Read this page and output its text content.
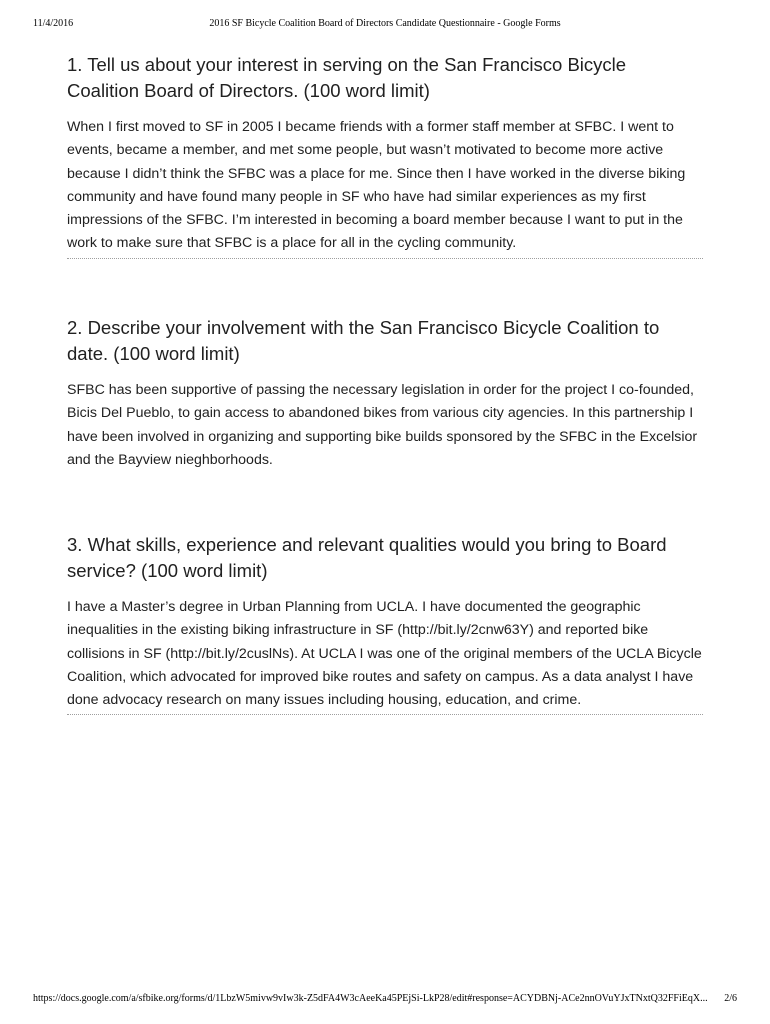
11/4/2016	2016 SF Bicycle Coalition Board of Directors Candidate Questionnaire - Google Forms
1. Tell us about your interest in serving on the San Francisco Bicycle Coalition Board of Directors. (100 word limit)
When I first moved to SF in 2005 I became friends with a former staff member at SFBC. I went to events, became a member, and met some people, but wasn’t motivated to become more active because I didn’t think the SFBC was a place for me. Since then I have worked in the diverse biking community and have found many people in SF who have had similar experiences as my first impressions of the SFBC. I’m interested in becoming a board member because I want to put in the work to make sure that SFBC is a place for all in the cycling community.
2. Describe your involvement with the San Francisco Bicycle Coalition to date. (100 word limit)
SFBC has been supportive of passing the necessary legislation in order for the project I co-founded, Bicis Del Pueblo, to gain access to abandoned bikes from various city agencies. In this partnership I have been involved in organizing and supporting bike builds sponsored by the SFBC in the Excelsior and the Bayview nieghborhoods.
3. What skills, experience and relevant qualities would you bring to Board service? (100 word limit)
I have a Master’s degree in Urban Planning from UCLA. I have documented the geographic inequalities in the existing biking infrastructure in SF (http://bit.ly/2cnw63Y) and reported bike collisions in SF (http://bit.ly/2cuslNs). At UCLA I was one of the original members of the UCLA Bicycle Coalition, which advocated for improved bike routes and safety on campus. As a data analyst I have done advocacy research on many issues including housing, education, and crime.
https://docs.google.com/a/sfbike.org/forms/d/1LbzW5mivw9vIw3k-Z5dFA4W3cAeeKa45PEjSi-LkP28/edit#response=ACYDBNj-ACe2nnOVuYJxTNxtQ32FFiEqX... 2/6
